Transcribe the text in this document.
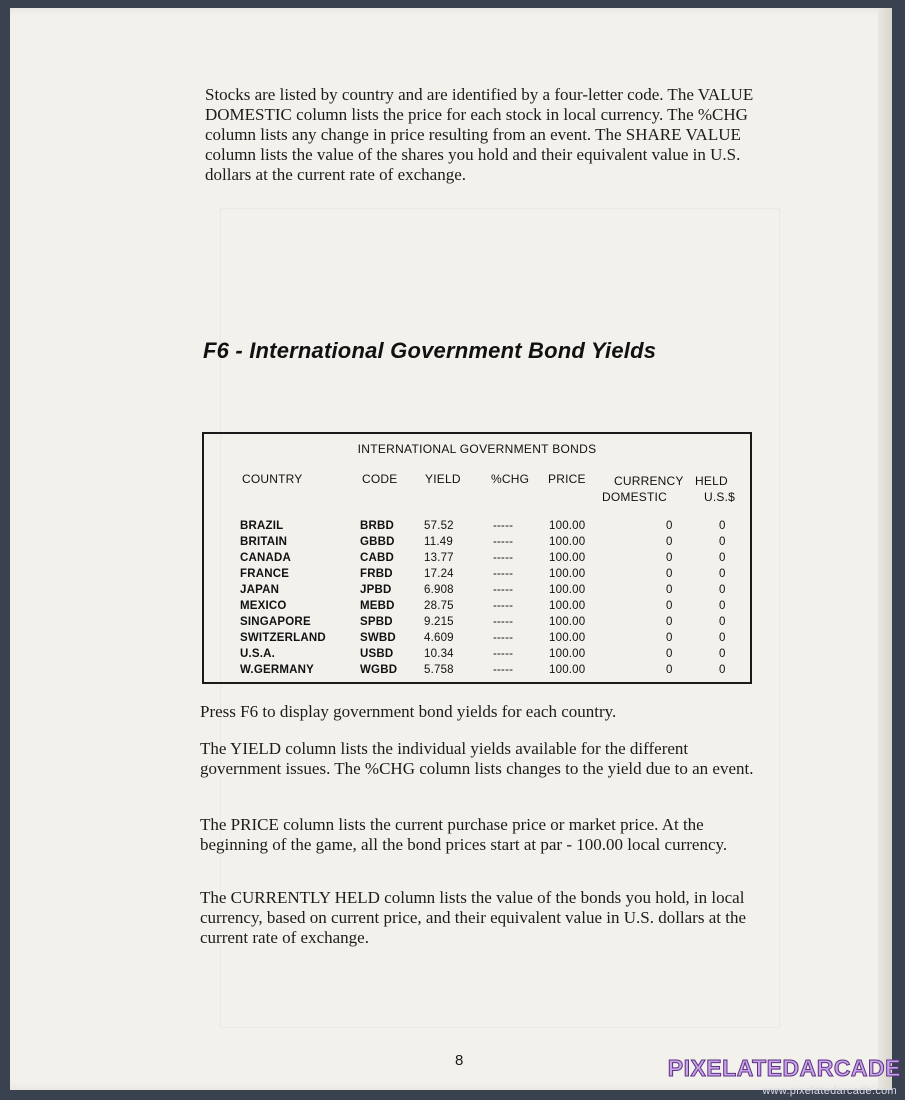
Stocks are listed by country and are identified by a four-letter code. The VALUE DOMESTIC column lists the price for each stock in local currency. The %CHG column lists any change in price resulting from an event. The SHARE VALUE column lists the value of the shares you hold and their equivalent value in U.S. dollars at the current rate of exchange.

F6 - International Government Bond Yields
INTERNATIONAL GOVERNMENT BONDS
COUNTRY	CODE YIELD	%CHG PRICE CURRENCY HELD
DOMESTIC	U.S.$
BRAZIL	BRBD	57.52	-----	100.00	0	0
BRITAIN	GBBD	11.49	-----	100.00	0	0
CANADA	CABD	13.77	-----	100.00	0	0
FRANCE	FRBD	17.24	-----	100.00	0	0
JAPAN	JPBD	6.908	-----	100.00	0	0
MEXICO	MEBD	28.75	-----	100.00	0	0
SINGAPORE	SPBD	9.215	-----	100.00	0	0
SWITZERLAND	SWBD 4.609	-----	100.00	0	0
U.S.A.	USBD	10.34	-----	100.00	0	0
W.GERMANY	WGBD 5.758	-----	100.00	0	0

Press F6 to display government bond yields for each country.

The YIELD column lists the individual yields available for the different government issues. The %CHG column lists changes to the yield due to an event.

The PRICE column lists the current purchase price or market price. At the beginning of the game, all the bond prices start at par - 100.00 local currency.

The CURRENTLY HELD column lists the value of the bonds you hold, in local currency, based on current price, and their equivalent value in U.S. dollars at the current rate of exchange.

8	PIXELATEDARCADE
www.pixelatedarcade.com
